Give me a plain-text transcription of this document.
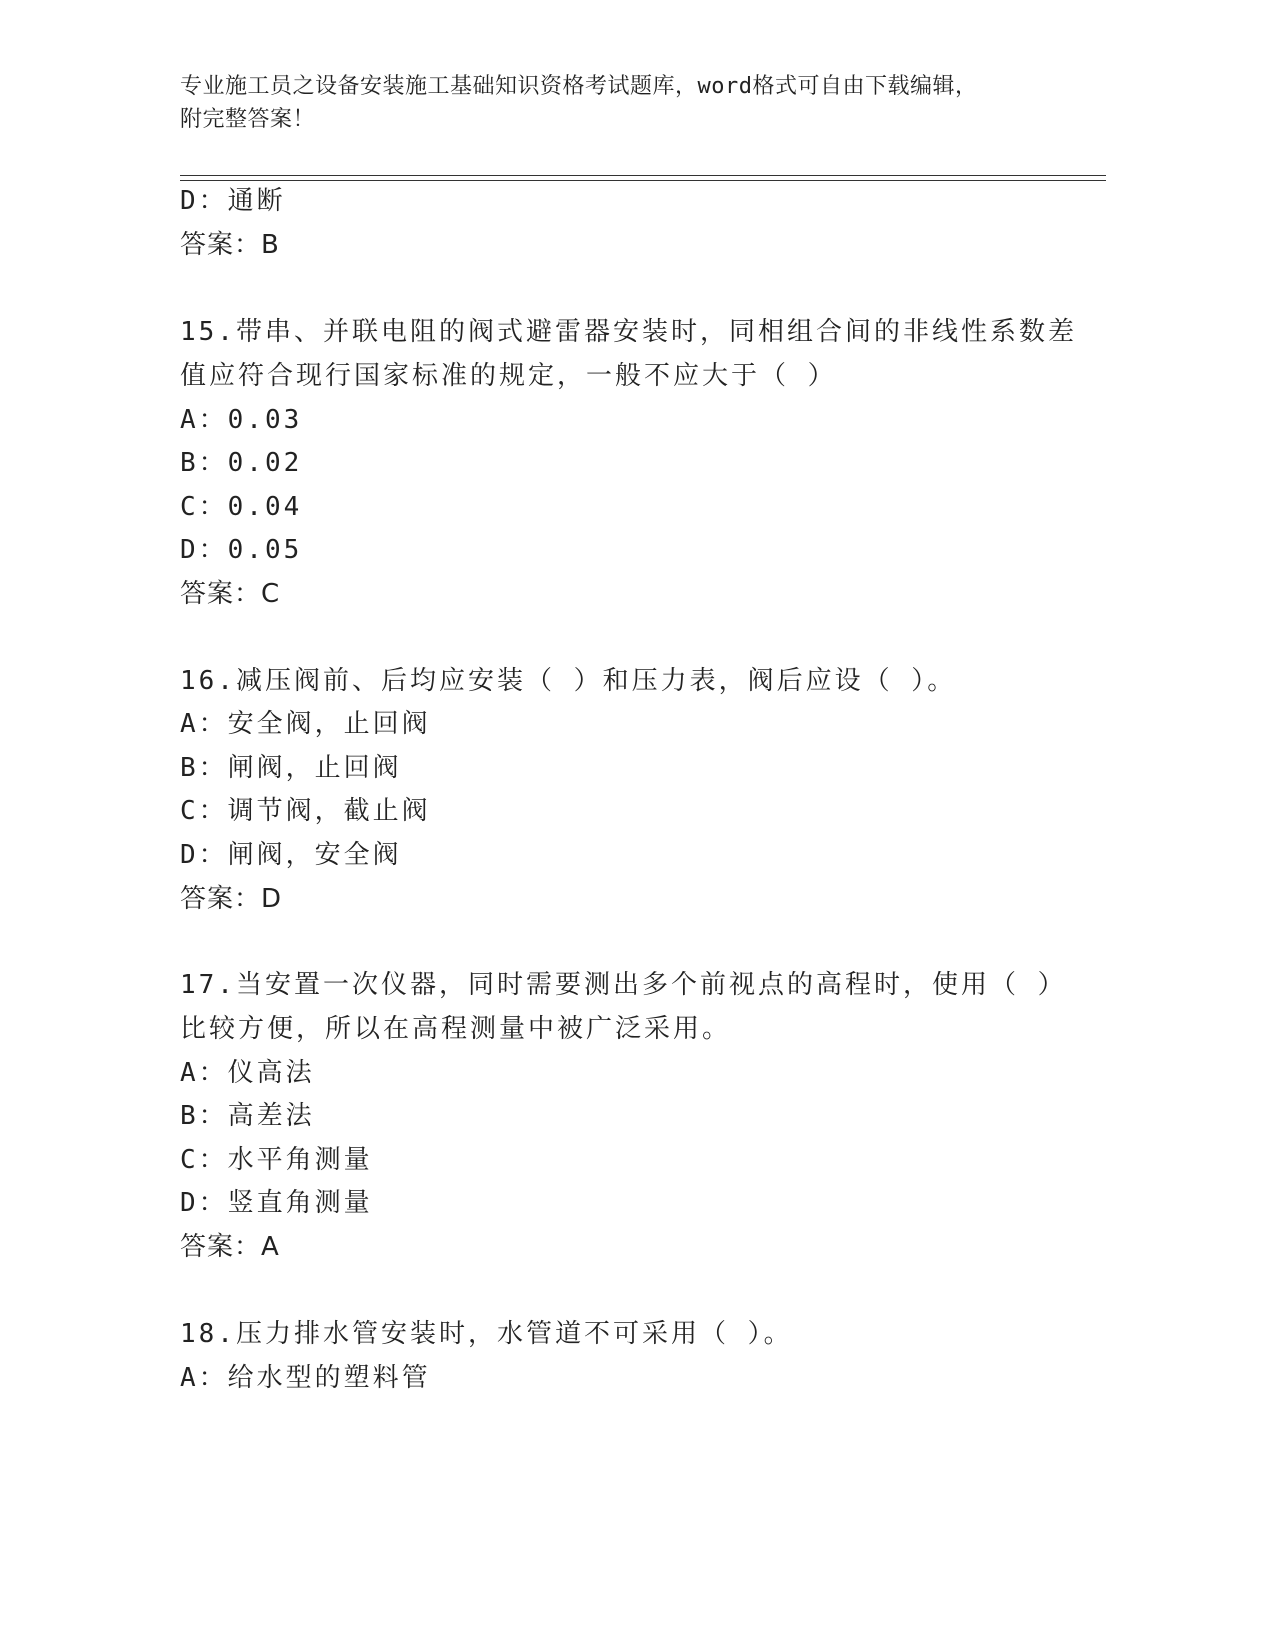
专业施工员之设备安装施工基础知识资格考试题库，word格式可自由下载编辑，
附完整答案！
D：通断
答案：B
15.带串、并联电阻的阀式避雷器安装时，同相组合间的非线性系数差
值应符合现行国家标准的规定，一般不应大于（ ）
A：0.03
B：0.02
C：0.04
D：0.05
答案：C
16.减压阀前、后均应安装（ ）和压力表，阀后应设（ ）。
A：安全阀，止回阀
B：闸阀，止回阀
C：调节阀，截止阀
D：闸阀，安全阀
答案：D
17.当安置一次仪器，同时需要测出多个前视点的高程时，使用（ ）
比较方便，所以在高程测量中被广泛采用。
A：仪高法
B：高差法
C：水平角测量
D：竖直角测量
答案：A
18.压力排水管安装时，水管道不可采用（ ）。
A：给水型的塑料管
